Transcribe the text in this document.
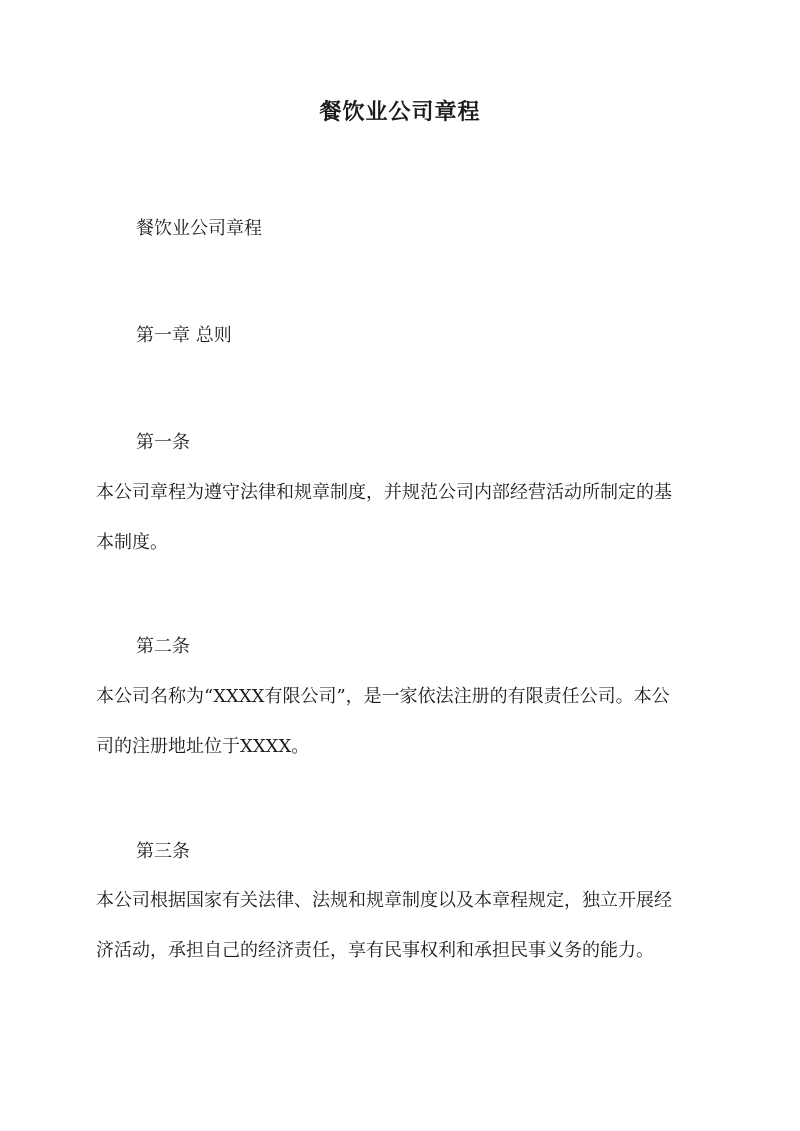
餐饮业公司章程
餐饮业公司章程
第一章 总则
第一条
本公司章程为遵守法律和规章制度，并规范公司内部经营活动所制定的基
本制度。
第二条
本公司名称为“XXXX有限公司”，是一家依法注册的有限责任公司。本公
司的注册地址位于XXXX。
第三条
本公司根据国家有关法律、法规和规章制度以及本章程规定，独立开展经
济活动，承担自己的经济责任，享有民事权利和承担民事义务的能力。
